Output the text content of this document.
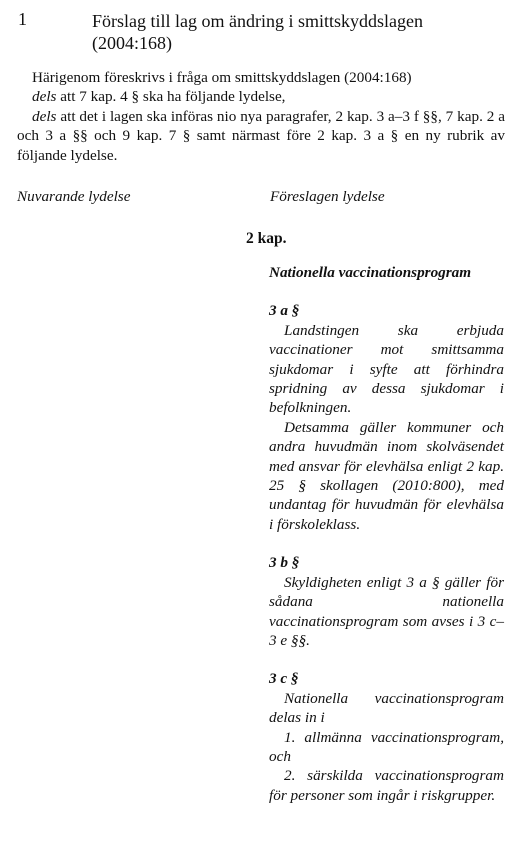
1	Förslag till lag om ändring i smittskyddslagen (2004:168)

Härigenom föreskrivs i fråga om smittskyddslagen (2004:168)

dels att 7 kap. 4 § ska ha följande lydelse,

dels att det i lagen ska införas nio nya paragrafer, 2 kap. 3 a–3 f §§, 7 kap. 2 a och 3 a §§ och 9 kap. 7 § samt närmast före 2 kap. 3 a § en ny rubrik av följande lydelse.

Nuvarande lydelse	Föreslagen lydelse
2 kap.

Nationella vaccinationsprogram

3 a §

Landstingen ska erbjuda vaccinationer mot smittsamma sjukdomar i syfte att förhindra spridning av dessa sjukdomar i befolkningen.

Detsamma gäller kommuner och andra huvudmän inom skolväsendet med ansvar för elevhälsa enligt 2 kap. 25 § skollagen (2010:800), med undantag för huvudmän för elevhälsa i förskoleklass.

3 b §

Skyldigheten enligt 3 a § gäller för sådana nationella vaccinationsprogram som avses i 3 c–3 e §§.

3 c §

Nationella vaccinationsprogram delas in i

1. allmänna vaccinationsprogram, och

2. särskilda vaccinationsprogram för personer som ingår i riskgrupper.
